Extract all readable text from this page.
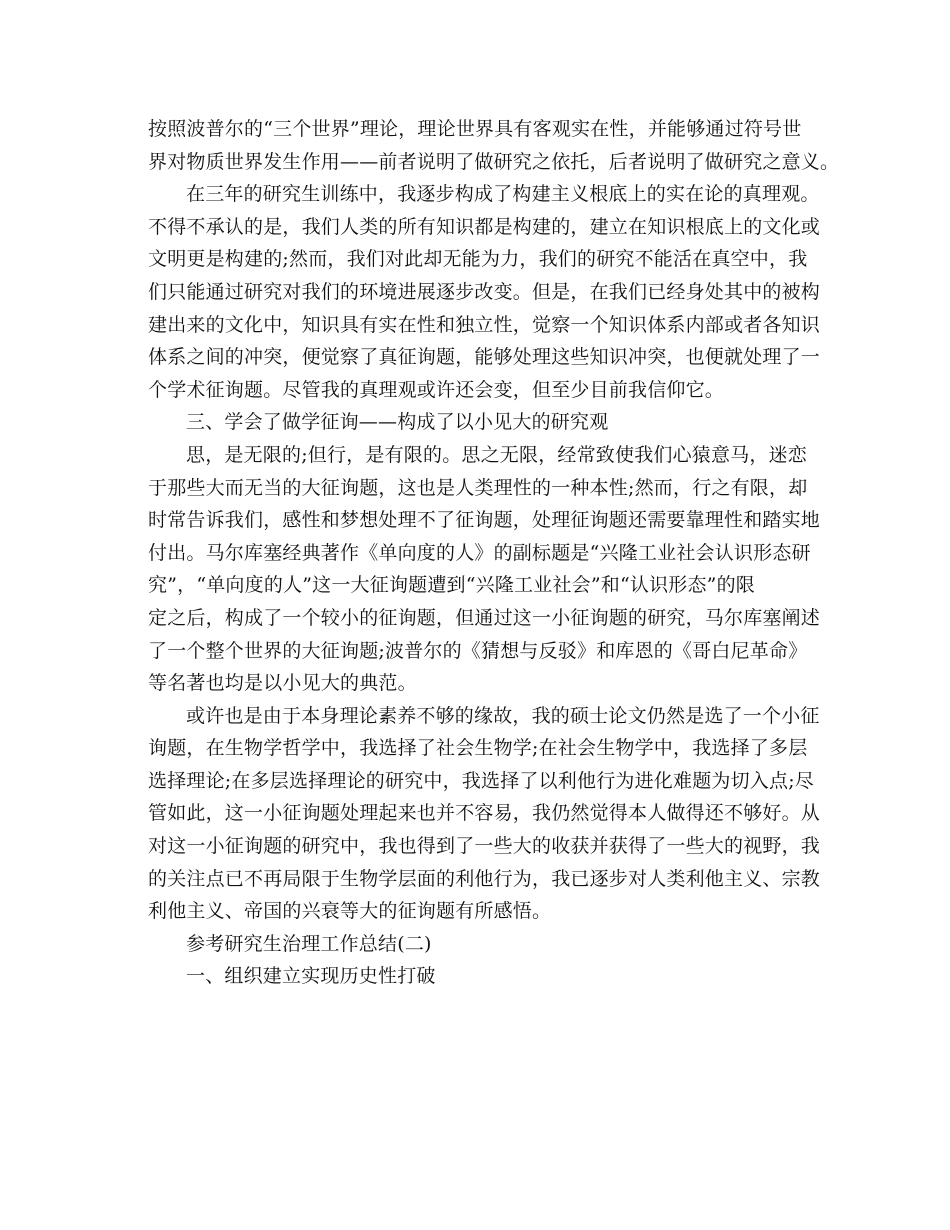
按照波普尔的“三个世界”理论，理论世界具有客观实在性，并能够通过符号世
界对物质世界发生作用——前者说明了做研究之依托，后者说明了做研究之意义。
在三年的研究生训练中，我逐步构成了构建主义根底上的实在论的真理观。
不得不承认的是，我们人类的所有知识都是构建的，建立在知识根底上的文化或
文明更是构建的;然而，我们对此却无能为力，我们的研究不能活在真空中，我
们只能通过研究对我们的环境进展逐步改变。但是，在我们已经身处其中的被构
建出来的文化中，知识具有实在性和独立性，觉察一个知识体系内部或者各知识
体系之间的冲突，便觉察了真征询题，能够处理这些知识冲突，也便就处理了一
个学术征询题。尽管我的真理观或许还会变，但至少目前我信仰它。
三、学会了做学征询——构成了以小见大的研究观
思，是无限的;但行，是有限的。思之无限，经常致使我们心猿意马，迷恋
于那些大而无当的大征询题，这也是人类理性的一种本性;然而，行之有限，却
时常告诉我们，感性和梦想处理不了征询题，处理征询题还需要靠理性和踏实地
付出。马尔库塞经典著作《单向度的人》的副标题是“兴隆工业社会认识形态研
究”，“单向度的人”这一大征询题遭到“兴隆工业社会”和“认识形态”的限
定之后，构成了一个较小的征询题，但通过这一小征询题的研究，马尔库塞阐述
了一个整个世界的大征询题;波普尔的《猜想与反驳》和库恩的《哥白尼革命》
等名著也均是以小见大的典范。
或许也是由于本身理论素养不够的缘故，我的硕士论文仍然是选了一个小征
询题，在生物学哲学中，我选择了社会生物学;在社会生物学中，我选择了多层
选择理论;在多层选择理论的研究中，我选择了以利他行为进化难题为切入点;尽
管如此，这一小征询题处理起来也并不容易，我仍然觉得本人做得还不够好。从
对这一小征询题的研究中，我也得到了一些大的收获并获得了一些大的视野，我
的关注点已不再局限于生物学层面的利他行为，我已逐步对人类利他主义、宗教
利他主义、帝国的兴衰等大的征询题有所感悟。
参考研究生治理工作总结(二)
一、组织建立实现历史性打破
